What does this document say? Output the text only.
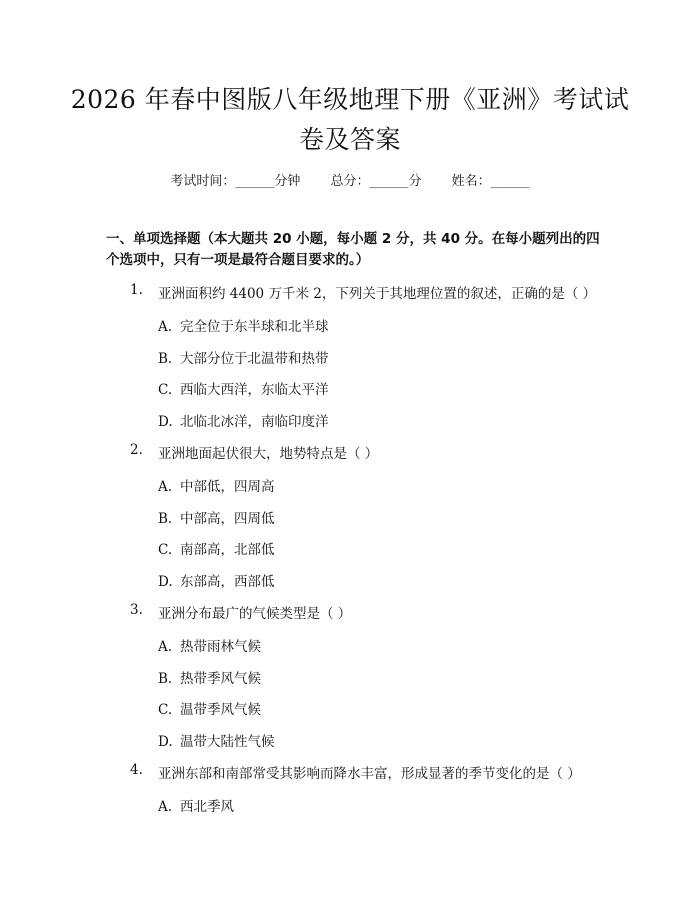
2026 年春中图版八年级地理下册《亚洲》考试试卷及答案
考试时间：______分钟 总分：______分 姓名：______
一、单项选择题（本大题共 20 小题，每小题 2 分，共 40 分。在每小题列出的四个选项中，只有一项是最符合题目要求的。）
1. 亚洲面积约 4400 万千米 2，下列关于其地理位置的叙述，正确的是（ ）
A. 完全位于东半球和北半球
B. 大部分位于北温带和热带
C. 西临大西洋，东临太平洋
D. 北临北冰洋，南临印度洋
2. 亚洲地面起伏很大，地势特点是（ ）
A. 中部低，四周高
B. 中部高，四周低
C. 南部高，北部低
D. 东部高，西部低
3. 亚洲分布最广的气候类型是（ ）
A. 热带雨林气候
B. 热带季风气候
C. 温带季风气候
D. 温带大陆性气候
4. 亚洲东部和南部常受其影响而降水丰富，形成显著的季节变化的是（ ）
A. 西北季风
